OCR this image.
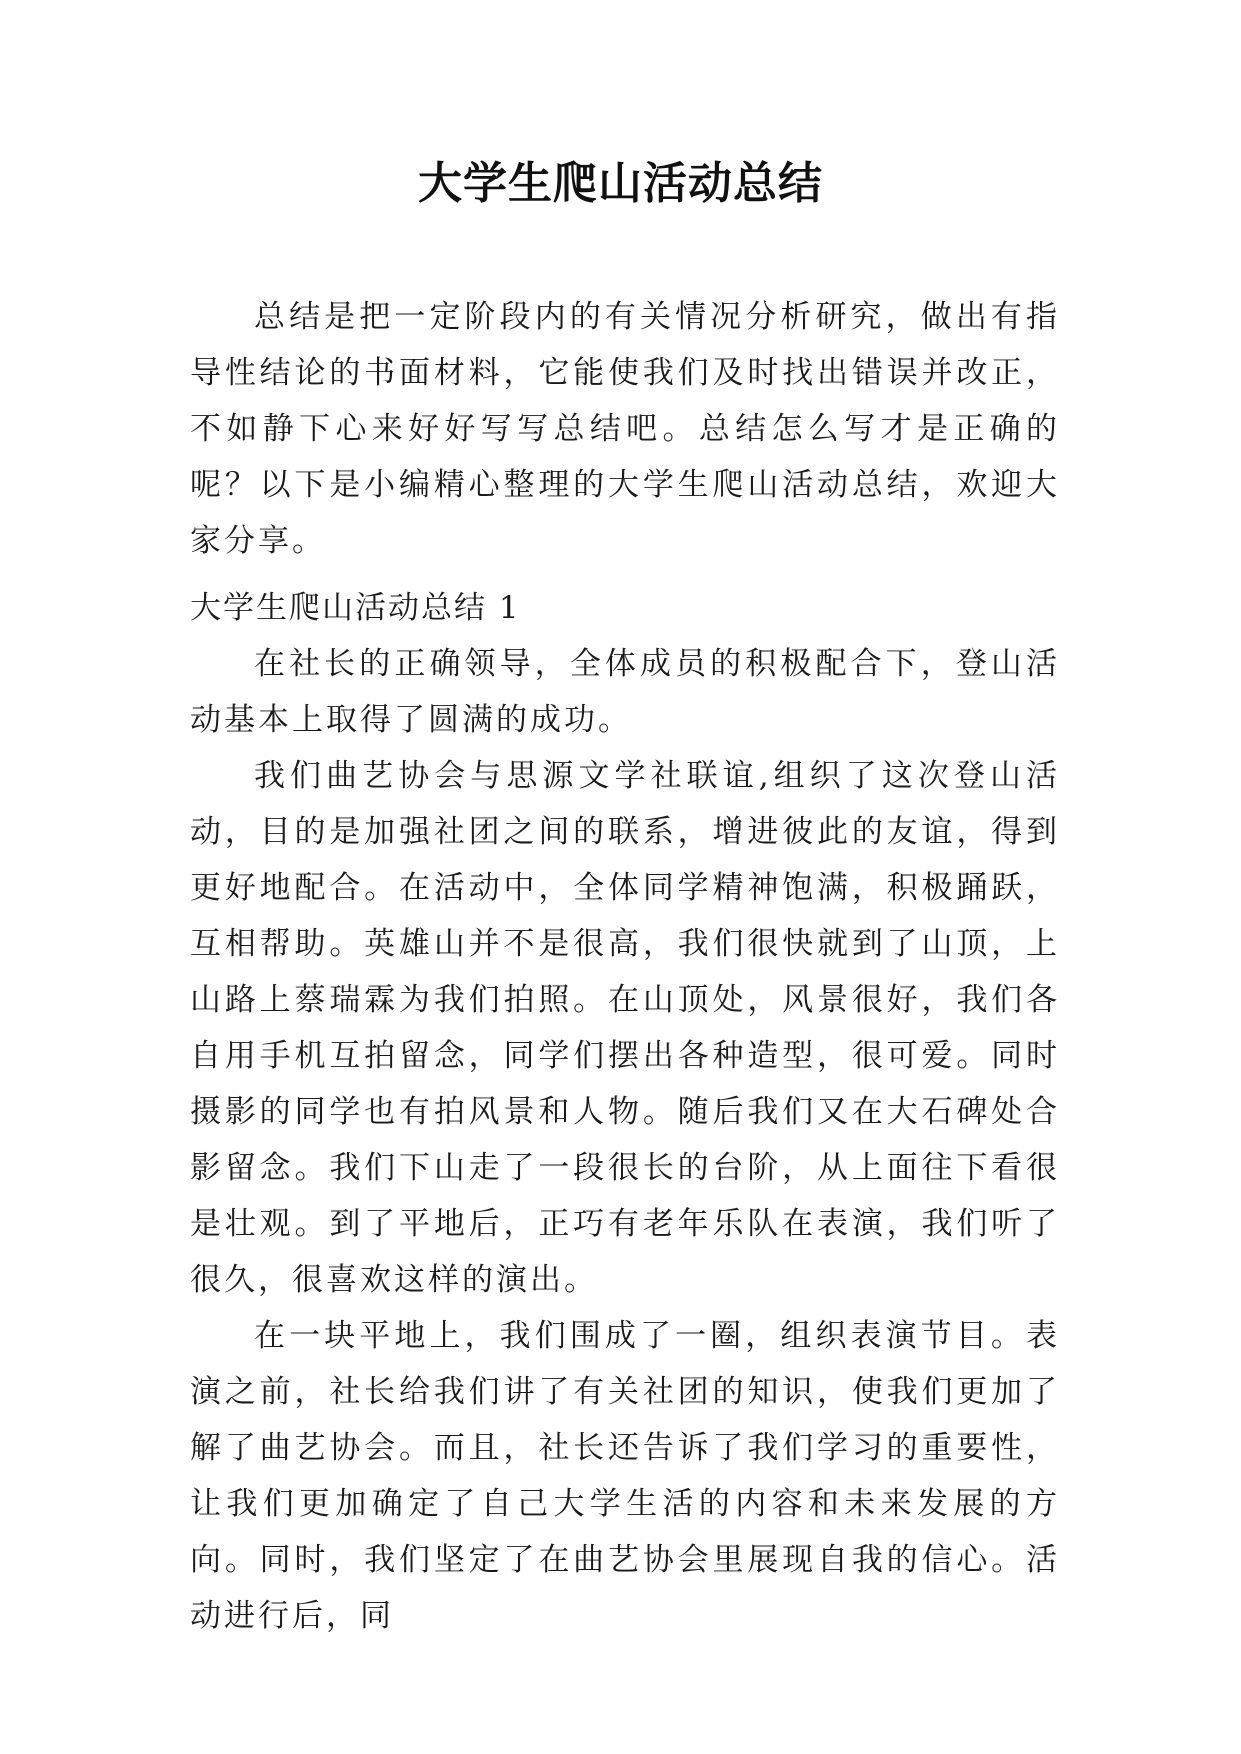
大学生爬山活动总结

总结是把一定阶段内的有关情况分析研究，做出有指导性结论的书面材料，它能使我们及时找出错误并改正，不如静下心来好好写写总结吧。总结怎么写才是正确的呢？以下是小编精心整理的大学生爬山活动总结，欢迎大家分享。

大学生爬山活动总结 1

在社长的正确领导，全体成员的积极配合下，登山活动基本上取得了圆满的成功。

我们曲艺协会与思源文学社联谊,组织了这次登山活动，目的是加强社团之间的联系，增进彼此的友谊，得到更好地配合。在活动中，全体同学精神饱满，积极踊跃，互相帮助。英雄山并不是很高，我们很快就到了山顶，上山路上蔡瑞霖为我们拍照。在山顶处，风景很好，我们各自用手机互拍留念，同学们摆出各种造型，很可爱。同时摄影的同学也有拍风景和人物。随后我们又在大石碑处合影留念。我们下山走了一段很长的台阶，从上面往下看很是壮观。到了平地后，正巧有老年乐队在表演，我们听了很久，很喜欢这样的演出。

在一块平地上，我们围成了一圈，组织表演节目。表演之前，社长给我们讲了有关社团的知识，使我们更加了解了曲艺协会。而且，社长还告诉了我们学习的重要性，让我们更加确定了自己大学生活的内容和未来发展的方向。同时，我们坚定了在曲艺协会里展现自我的信心。活动进行后，同
